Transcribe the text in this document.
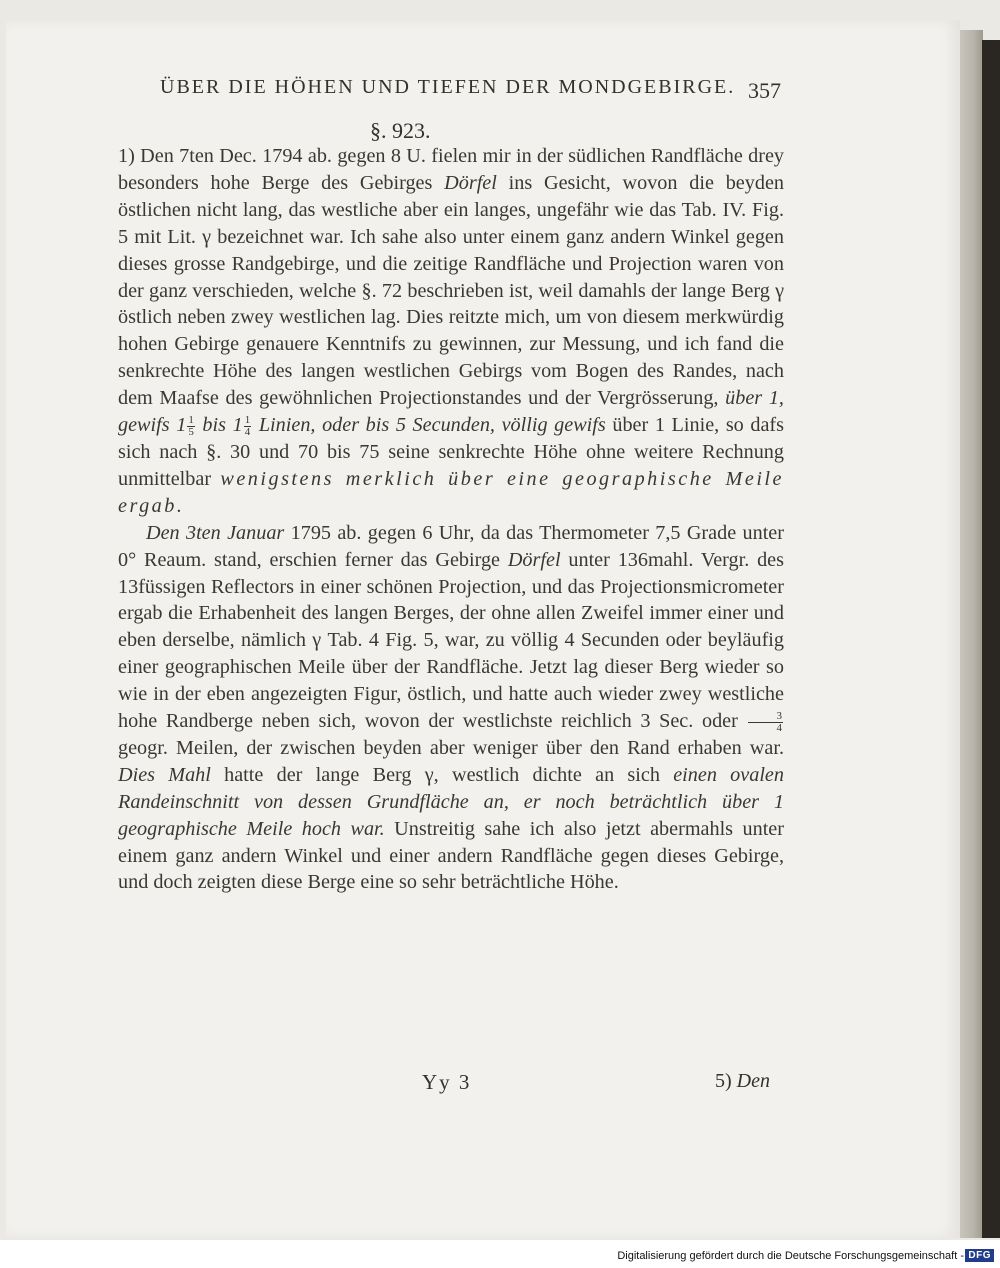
ÜBER DIE HÖHEN UND TIEFEN DER MONDGEBIRGE. 357
§. 923.

1) Den 7ten Dec. 1794 ab. gegen 8 U. fielen mir in der südlichen Randfläche drey besonders hohe Berge des Gebirges Dörfel ins Gesicht, wovon die beyden östlichen nicht lang, das westliche aber ein langes, ungefähr wie das Tab. IV. Fig. 5 mit Lit. γ bezeichnet war. Ich sahe also unter einem ganz andern Winkel gegen dieses grosse Randgebirge, und die zeitige Randfläche und Projection waren von der ganz verschieden, welche §. 72 beschrieben ist, weil damahls der lange Berg γ östlich neben zwey westlichen lag. Dies reitzte mich, um von diesem merkwürdig hohen Gebirge genauere Kenntnifs zu gewinnen, zur Messung, und ich fand die senkrechte Höhe des langen westlichen Gebirgs vom Bogen des Randes, nach dem Maafse des gewöhnlichen Projectionstandes und der Vergrösserung, über 1, gewifs $1 \frac{1}{5}$ bis $1 \frac{1}{4}$ Linien, oder bis 5 Secunden, völlig gewifs über 1 Linie, so dafs sich nach §. 30 und 70 bis 75 seine senkrechte Höhe ohne weitere Rechnung unmittelbar wenigstens merklich über eine geographische Meile ergab.

Den 3ten Januar 1795 ab. gegen 6 Uhr, da das Thermometer 7,5 Grade unter 0° Reaum. stand, erschien ferner das Gebirge Dörfel unter 136mahl. Vergr. des 13füssigen Reflectors in einer schönen Projection, und das Projectionsmicrometer ergab die Erhabenheit des langen Berges, der ohne allen Zweifel immer einer und eben derselbe, nämlich γ Tab. 4 Fig. 5, war, zu völlig 4 Secunden oder beyläufig einer geographischen Meile über der Randfläche. Jetzt lag dieser Berg wieder so wie in der eben angezeigten Figur, östlich, und hatte auch wieder zwey westliche hohe Randberge neben sich, wovon der westlichste reichlich 3 Sec. oder $\frac{3}{4}$
geogr. Meilen, der zwischen beyden aber weniger über den Rand erhaben war. Dies Mahl hatte der lange Berg γ, westlich dichte an sich einen ovalen Randeinschnitt von dessen Grundfläche an, er noch beträchtlich über 1 geographische Meile hoch war. Unstreitig sahe ich also jetzt abermahls unter einem ganz andern Winkel und einer andern Randfläche gegen dieses Gebirge, und doch zeigten diese Berge eine so sehr beträchtliche Höhe.

Yy 3	5) Den
Digitalisierung gefördert durch die Deutsche Forschungsgemeinschaft - DFG
